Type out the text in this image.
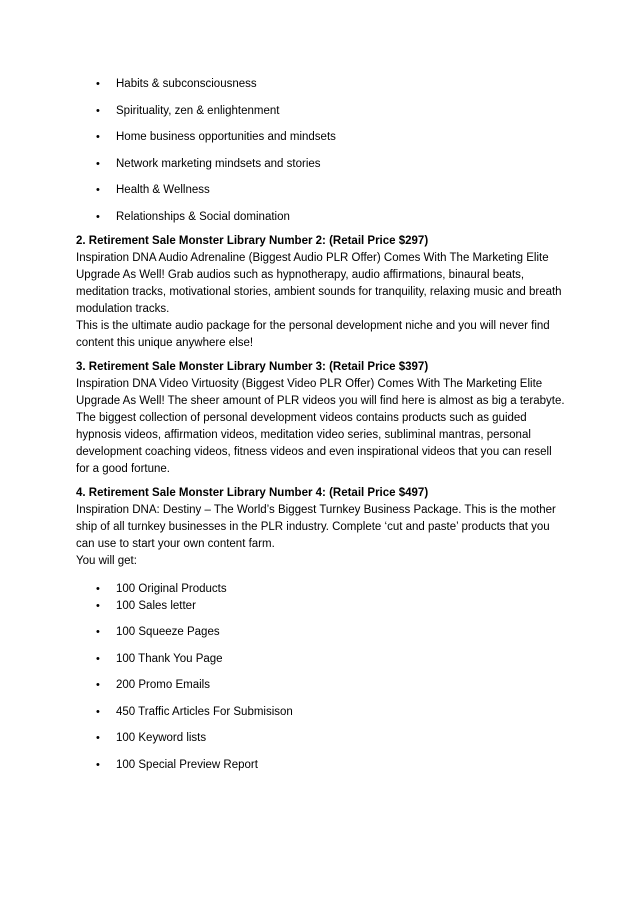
• Habits & subconsciousness
• Spirituality, zen & enlightenment
• Home business opportunities and mindsets
• Network marketing mindsets and stories
• Health & Wellness
• Relationships & Social domination
2. Retirement Sale Monster Library Number 2: (Retail Price $297)

Inspiration DNA Audio Adrenaline (Biggest Audio PLR Offer) Comes With The Marketing Elite Upgrade As Well! Grab audios such as hypnotherapy, audio affirmations, binaural beats, meditation tracks, motivational stories, ambient sounds for tranquility, relaxing music and breath modulation tracks.

This is the ultimate audio package for the personal development niche and you will never find content this unique anywhere else!

3. Retirement Sale Monster Library Number 3: (Retail Price $397)

Inspiration DNA Video Virtuosity (Biggest Video PLR Offer) Comes With The Marketing Elite Upgrade As Well! The sheer amount of PLR videos you will find here is almost as big a terabyte. The biggest collection of personal development videos contains products such as guided hypnosis videos, affirmation videos, meditation video series, subliminal mantras, personal development coaching videos, fitness videos and even inspirational videos that you can resell for a good fortune.

4. Retirement Sale Monster Library Number 4: (Retail Price $497)

Inspiration DNA: Destiny – The World’s Biggest Turnkey Business Package. This is the mother ship of all turnkey businesses in the PLR industry. Complete ‘cut and paste’ products that you can use to start your own content farm.

You will get:

• 100 Original Products
• 100 Sales letter
• 100 Squeeze Pages
• 100 Thank You Page
• 200 Promo Emails
• 450 Traffic Articles For Submisison
• 100 Keyword lists
• 100 Special Preview Report
